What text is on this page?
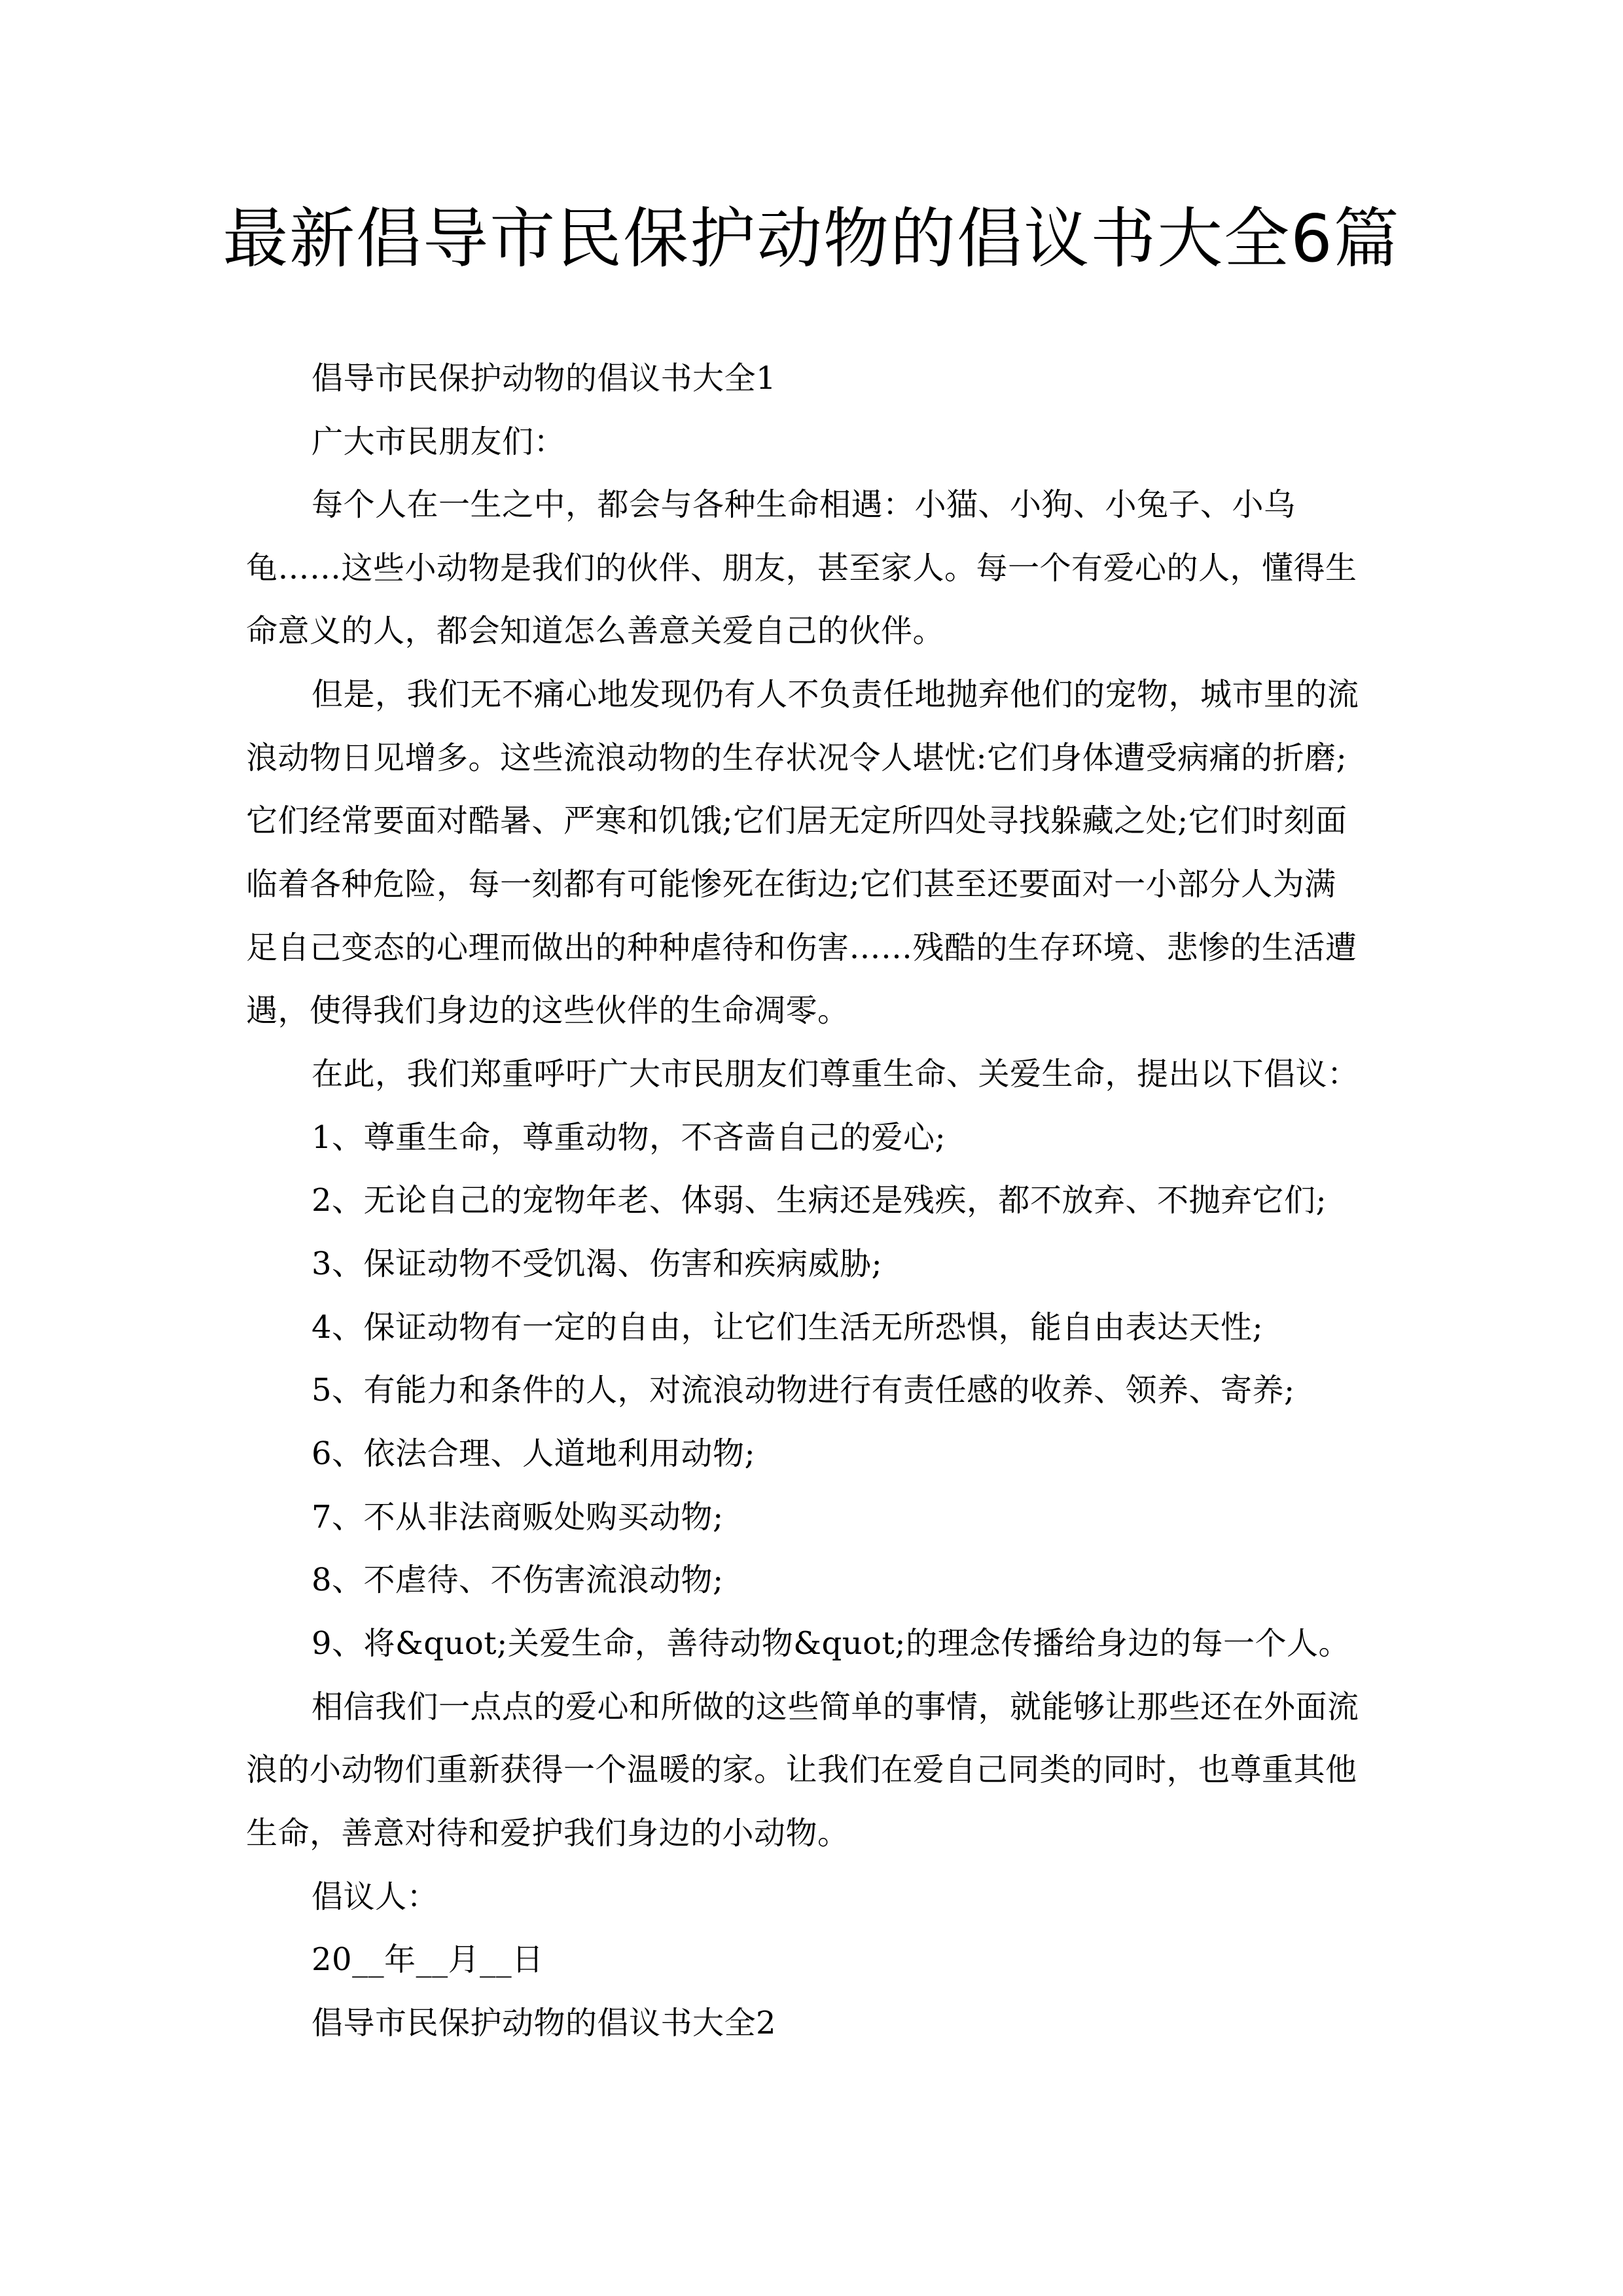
最新倡导市民保护动物的倡议书大全6篇
倡导市民保护动物的倡议书大全1
广大市民朋友们：
每个人在一生之中，都会与各种生命相遇：小猫、小狗、小兔子、小乌
龟……这些小动物是我们的伙伴、朋友，甚至家人。每一个有爱心的人，懂得生
命意义的人，都会知道怎么善意关爱自己的伙伴。
但是，我们无不痛心地发现仍有人不负责任地抛弃他们的宠物，城市里的流
浪动物日见增多。这些流浪动物的生存状况令人堪忧:它们身体遭受病痛的折磨;
它们经常要面对酷暑、严寒和饥饿;它们居无定所四处寻找躲藏之处;它们时刻面
临着各种危险，每一刻都有可能惨死在街边;它们甚至还要面对一小部分人为满
足自己变态的心理而做出的种种虐待和伤害……残酷的生存环境、悲惨的生活遭
遇，使得我们身边的这些伙伴的生命凋零。
在此，我们郑重呼吁广大市民朋友们尊重生命、关爱生命，提出以下倡议：
1、尊重生命，尊重动物，不吝啬自己的爱心;
2、无论自己的宠物年老、体弱、生病还是残疾，都不放弃、不抛弃它们;
3、保证动物不受饥渴、伤害和疾病威胁;
4、保证动物有一定的自由，让它们生活无所恐惧，能自由表达天性;
5、有能力和条件的人，对流浪动物进行有责任感的收养、领养、寄养;
6、依法合理、人道地利用动物;
7、不从非法商贩处购买动物;
8、不虐待、不伤害流浪动物;
9、将&quot;关爱生命，善待动物&quot;的理念传播给身边的每一个人。
相信我们一点点的爱心和所做的这些简单的事情，就能够让那些还在外面流
浪的小动物们重新获得一个温暖的家。让我们在爱自己同类的同时，也尊重其他
生命，善意对待和爱护我们身边的小动物。
倡议人：
20__年__月__日
倡导市民保护动物的倡议书大全2
